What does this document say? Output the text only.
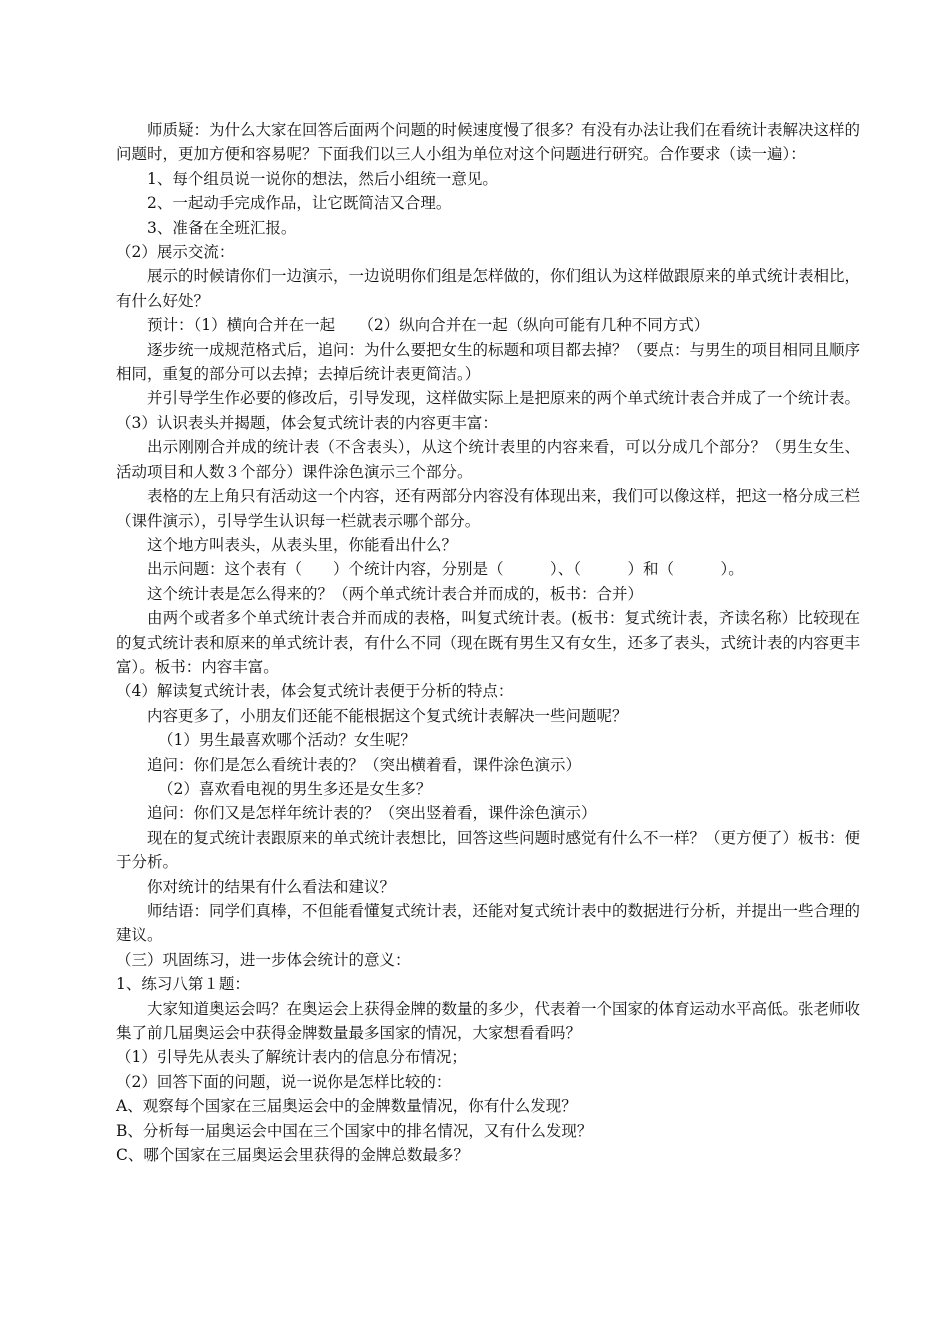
师质疑：为什么大家在回答后面两个问题的时候速度慢了很多？有没有办法让我们在看统计表解决这样的问题时，更加方便和容易呢？下面我们以三人小组为单位对这个问题进行研究。合作要求（读一遍）：

1、每个组员说一说你的想法，然后小组统一意见。

2、一起动手完成作品，让它既简洁又合理。

3、准备在全班汇报。

（2）展示交流：

展示的时候请你们一边演示，一边说明你们组是怎样做的，你们组认为这样做跟原来的单式统计表相比，有什么好处？

预计：（1）横向合并在一起　　（2）纵向合并在一起（纵向可能有几种不同方式）

逐步统一成规范格式后，追问：为什么要把女生的标题和项目都去掉？（要点：与男生的项目相同且顺序相同，重复的部分可以去掉；去掉后统计表更简洁。）

并引导学生作必要的修改后，引导发现，这样做实际上是把原来的两个单式统计表合并成了一个统计表。

（3）认识表头并揭题，体会复式统计表的内容更丰富：

出示刚刚合并成的统计表（不含表头），从这个统计表里的内容来看，可以分成几个部分？（男生女生、活动项目和人数３个部分）课件涂色演示三个部分。

表格的左上角只有活动这一个内容，还有两部分内容没有体现出来，我们可以像这样，把这一格分成三栏（课件演示），引导学生认识每一栏就表示哪个部分。

这个地方叫表头，从表头里，你能看出什么？

出示问题：这个表有（　　）个统计内容，分别是（　　　）、（　　　）和（　　　）。

这个统计表是怎么得来的？（两个单式统计表合并而成的，板书：合并）

由两个或者多个单式统计表合并而成的表格，叫复式统计表。(板书：复式统计表，齐读名称）比较现在的复式统计表和原来的单式统计表，有什么不同（现在既有男生又有女生，还多了表头，式统计表的内容更丰富）。板书：内容丰富。

（4）解读复式统计表，体会复式统计表便于分析的特点：

内容更多了，小朋友们还能不能根据这个复式统计表解决一些问题呢？

（1）男生最喜欢哪个活动？女生呢？

追问：你们是怎么看统计表的？（突出横着看，课件涂色演示）

（2）喜欢看电视的男生多还是女生多？

追问：你们又是怎样年统计表的？（突出竖着看，课件涂色演示）

现在的复式统计表跟原来的单式统计表想比，回答这些问题时感觉有什么不一样？（更方便了）板书：便于分析。

你对统计的结果有什么看法和建议？

师结语：同学们真棒，不但能看懂复式统计表，还能对复式统计表中的数据进行分析，并提出一些合理的建议。

（三）巩固练习，进一步体会统计的意义：

1、练习八第１题：

大家知道奥运会吗？在奥运会上获得金牌的数量的多少，代表着一个国家的体育运动水平高低。张老师收集了前几届奥运会中获得金牌数量最多国家的情况，大家想看看吗？

（1）引导先从表头了解统计表内的信息分布情况；

（2）回答下面的问题，说一说你是怎样比较的：

A、观察每个国家在三届奥运会中的金牌数量情况，你有什么发现？

B、分析每一届奥运会中国在三个国家中的排名情况，又有什么发现？

C、哪个国家在三届奥运会里获得的金牌总数最多？
